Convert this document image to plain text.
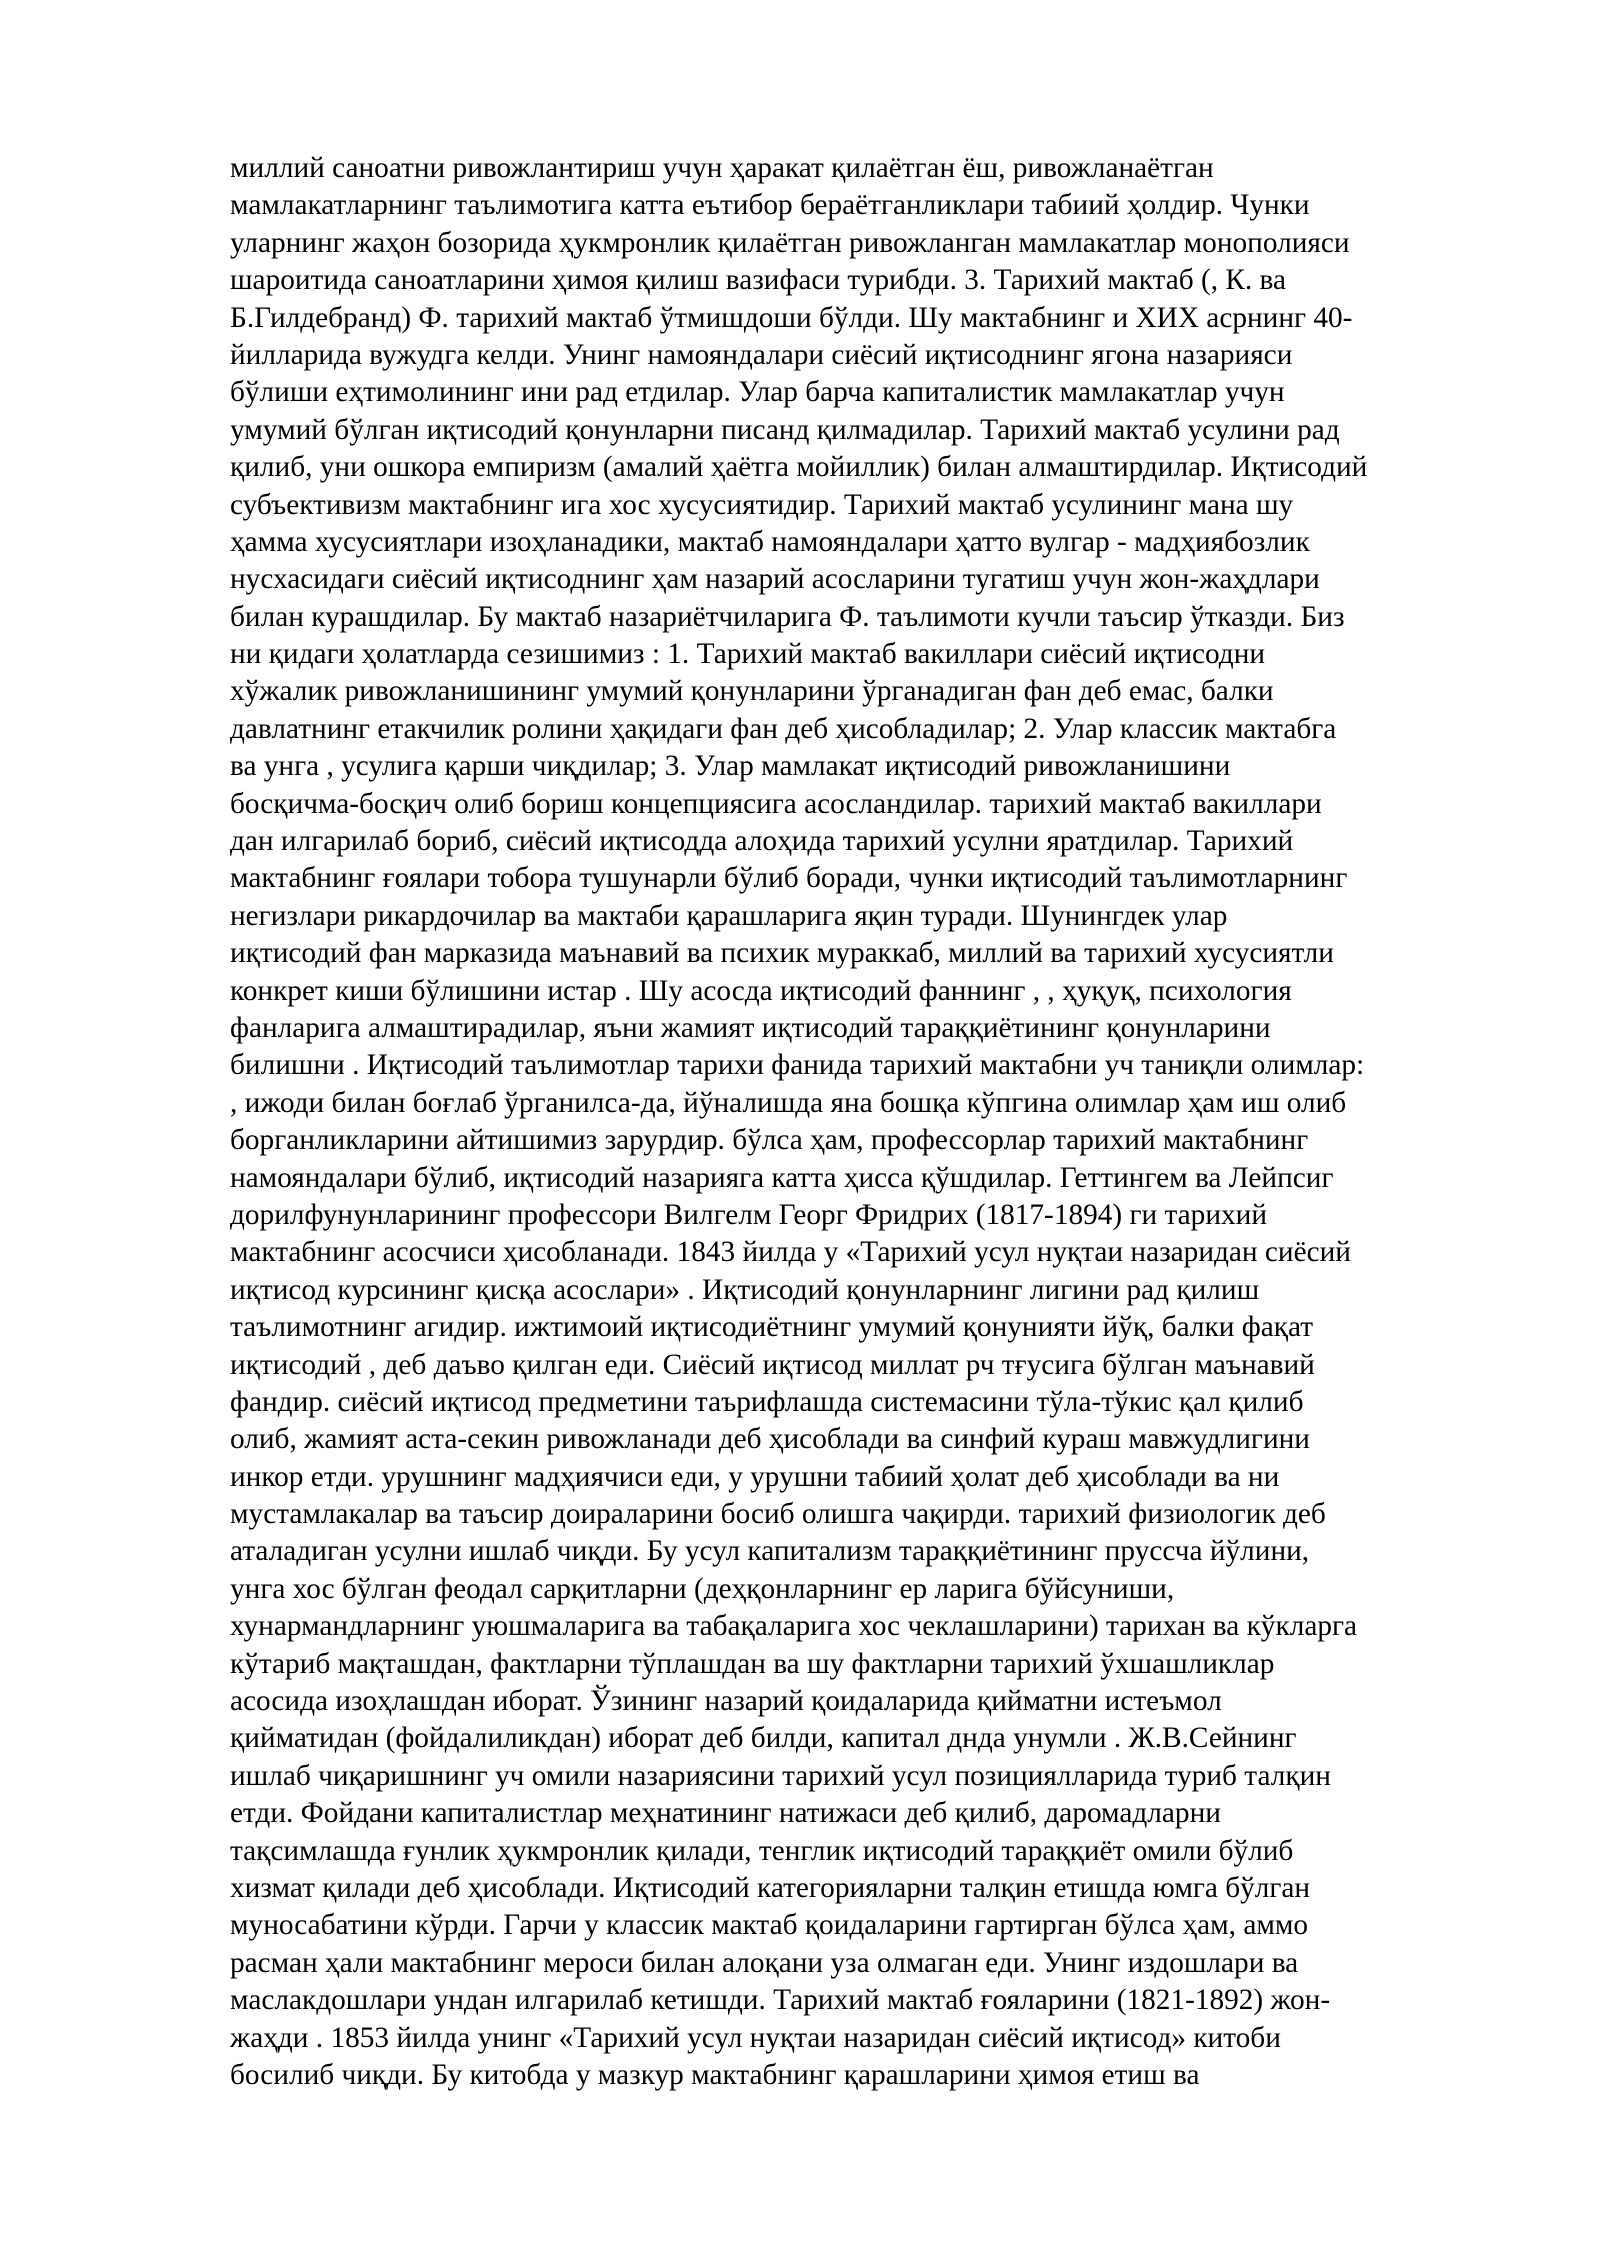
миллий саноатни ривожлантириш учун ҳаракат қилаётган ёш, ривожланаётган
мамлакатларнинг таълимотига катта еътибор бераётганликлари табиий ҳолдир. Чунки
уларнинг жаҳон бозорида ҳукмронлик қилаётган ривожланган мамлакатлар монополияси
шароитида саноатларини ҳимоя қилиш вазифаси турибди. 3. Тарихий мактаб (, К. ва
Б.Гилдебранд) Ф. тарихий мактаб ўтмишдоши бўлди. Шу мактабнинг и ХИХ асрнинг 40-
йилларида вужудга келди. Унинг намояндалари сиёсий иқтисоднинг ягона назарияси
бўлиши еҳтимолининг ини рад етдилар. Улар барча капиталистик мамлакатлар учун
умумий бўлган иқтисодий қонунларни писанд қилмадилар. Тарихий мактаб усулини рад
қилиб, уни ошкора емпиризм (амалий ҳаётга мойиллик) билан алмаштирдилар. Иқтисодий
субъективизм мактабнинг ига хос хусусиятидир. Тарихий мактаб усулининг мана шу
ҳамма хусусиятлари изоҳланадики, мактаб намояндалари ҳатто вулгар - мадҳиябозлик
нусхасидаги сиёсий иқтисоднинг ҳам назарий асосларини тугатиш учун жон-жаҳдлари
билан курашдилар. Бу мактаб назариётчиларига Ф. таълимоти кучли таъсир ўтказди. Биз
ни қидаги ҳолатларда сезишимиз : 1. Тарихий мактаб вакиллари сиёсий иқтисодни
хўжалик ривожланишининг умумий қонунларини ўрганадиган фан деб емас, балки
давлатнинг етакчилик ролини ҳақидаги фан деб ҳисобладилар; 2. Улар классик мактабга
ва унга , усулига қарши чиқдилар; 3. Улар мамлакат иқтисодий ривожланишини
босқичма-босқич олиб бориш концепциясига асосландилар. тарихий мактаб вакиллари
дан илгарилаб бориб, сиёсий иқтисодда алоҳида тарихий усулни яратдилар. Тарихий
мактабнинг ғоялари тобора тушунарли бўлиб боради, чунки иқтисодий таълимотларнинг
негизлари рикардочилар ва мактаби қарашларига яқин туради. Шунингдек улар
иқтисодий фан марказида маънавий ва психик мураккаб, миллий ва тарихий хусусиятли
конкрет киши бўлишини истар . Шу асосда иқтисодий фаннинг , , ҳуқуқ, психология
фанларига алмаштирадилар, яъни жамият иқтисодий тараққиётининг қонунларини
билишни . Иқтисодий таълимотлар тарихи фанида тарихий мактабни уч таниқли олимлар:
, ижоди билан боғлаб ўрганилса-да, йўналишда яна бошқа кўпгина олимлар ҳам иш олиб
борганликларини айтишимиз зарурдир. бўлса ҳам, профессорлар тарихий мактабнинг
намояндалари бўлиб, иқтисодий назарияга катта ҳисса қўшдилар. Геттингем ва Лейпсиг
дорилфунунларининг профессори Вилгелм Георг Фридрих (1817-1894) ги тарихий
мактабнинг асосчиси ҳисобланади. 1843 йилда у «Тарихий усул нуқтаи назаридан сиёсий
иқтисод курсининг қисқа асослари» . Иқтисодий қонунларнинг лигини рад қилиш
таълимотнинг агидир. ижтимоий иқтисодиётнинг умумий қонунияти йўқ, балки фақат
иқтисодий , деб даъво қилган еди. Сиёсий иқтисод миллат рч тғусига бўлган маънавий
фандир. сиёсий иқтисод предметини таърифлашда системасини тўла-тўкис қал қилиб
олиб, жамият аста-секин ривожланади деб ҳисоблади ва синфий кураш мавжудлигини
инкор етди. урушнинг мадҳиячиси еди, у урушни табиий ҳолат деб ҳисоблади ва ни
мустамлакалар ва таъсир доираларини босиб олишга чақирди. тарихий физиологик деб
аталадиган усулни ишлаб чиқди. Бу усул капитализм тараққиётининг пруссча йўлини,
унга хос бўлган феодал сарқитларни (деҳқонларнинг ер ларига бўйсуниши,
хунармандларнинг уюшмаларига ва табақаларига хос чеклашларини) тарихан ва кўкларга
кўтариб мақташдан, фактларни тўплашдан ва шу фактларни тарихий ўхшашликлар
асосида изоҳлашдан иборат. Ўзининг назарий қоидаларида қийматни истеъмол
қийматидан (фойдалиликдан) иборат деб билди, капитал днда унумли . Ж.В.Сейнинг
ишлаб чиқаришнинг уч омили назариясини тарихий усул позициялларида туриб талқин
етди. Фойдани капиталистлар меҳнатининг натижаси деб қилиб, даромадларни
тақсимлашда ғунлик ҳукмронлик қилади, тенглик иқтисодий тараққиёт омили бўлиб
хизмат қилади деб ҳисоблади. Иқтисодий категорияларни талқин етишда юмга бўлган
муносабатини кўрди. Гарчи у классик мактаб қоидаларини гартирган бўлса ҳам, аммо
расман ҳали мактабнинг мероси билан алоқани уза олмаган еди. Унинг издошлари ва
маслакдошлари ундан илгарилаб кетишди. Тарихий мактаб ғояларини (1821-1892) жон-
жаҳди . 1853 йилда унинг «Тарихий усул нуқтаи назаридан сиёсий иқтисод» китоби
босилиб чиқди. Бу китобда у мазкур мактабнинг қарашларини ҳимоя етиш ва
